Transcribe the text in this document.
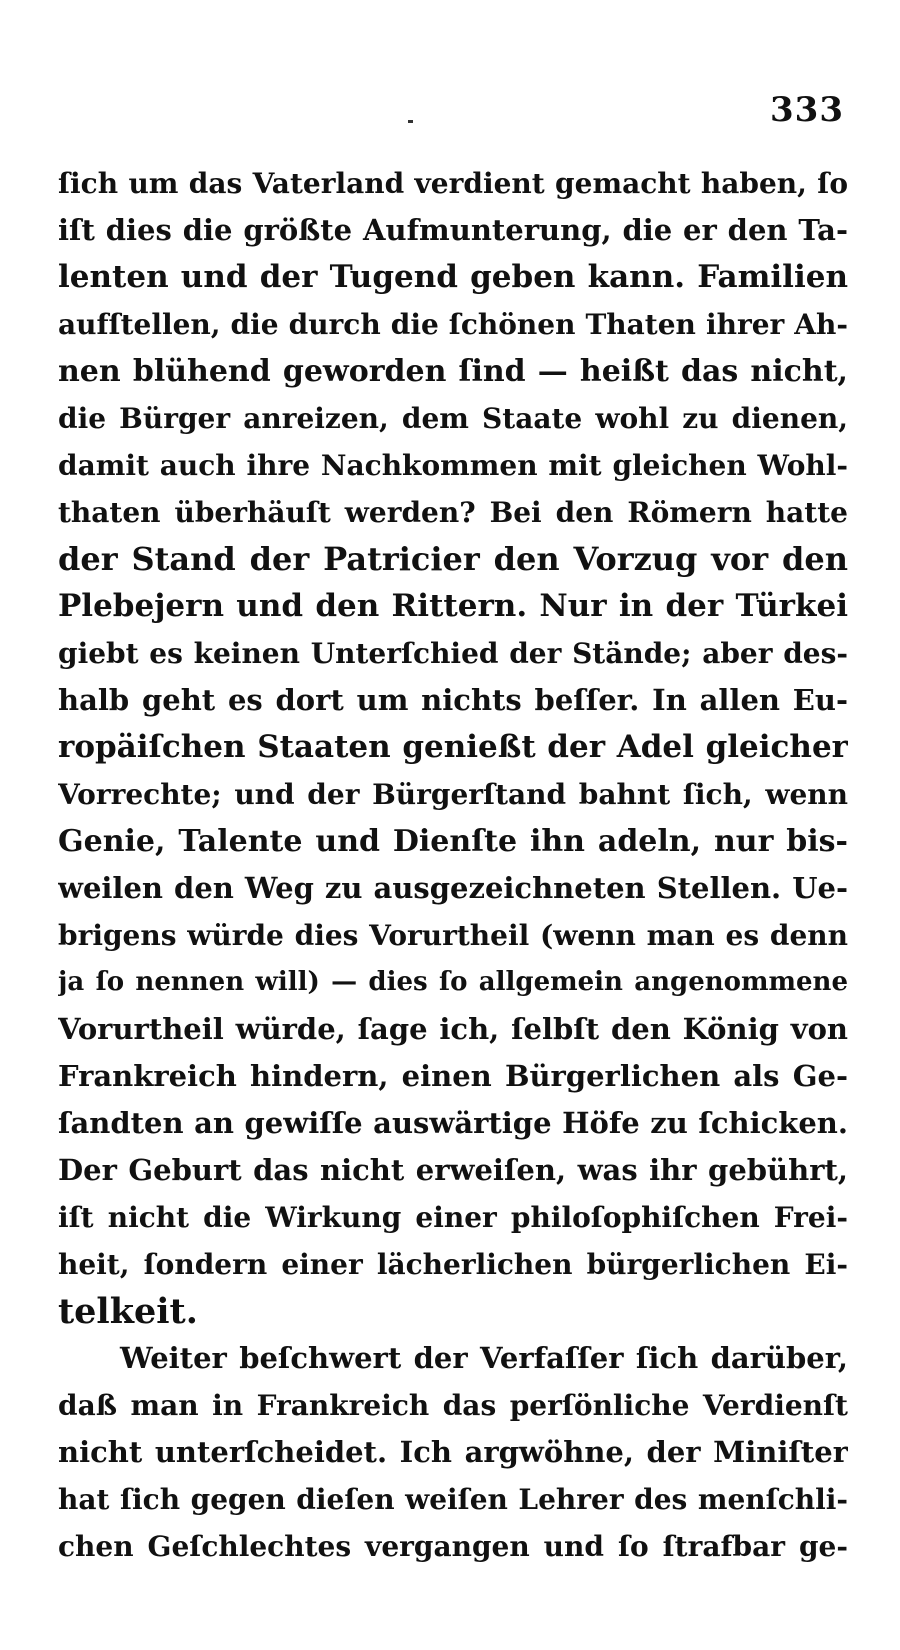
333
ſich um das Vaterland verdient gemacht haben, ſo
iſt dies die größte Aufmunterung, die er den Ta-
lenten und der Tugend geben kann. Familien
aufſtellen, die durch die ſchönen Thaten ihrer Ah-
nen blühend geworden ſind — heißt das nicht,
die Bürger anreizen, dem Staate wohl zu dienen,
damit auch ihre Nachkommen mit gleichen Wohl-
thaten überhäuſt werden? Bei den Römern hatte
der Stand der Patricier den Vorzug vor den
Plebejern und den Rittern. Nur in der Türkei
giebt es keinen Unterſchied der Stände; aber des-
halb geht es dort um nichts beſſer. In allen Eu-
ropäiſchen Staaten genießt der Adel gleicher
Vorrechte; und der Bürgerſtand bahnt ſich, wenn
Genie, Talente und Dienſte ihn adeln, nur bis-
weilen den Weg zu ausgezeichneten Stellen. Ue-
brigens würde dies Vorurtheil (wenn man es denn
ja ſo nennen will) — dies ſo allgemein angenommene
Vorurtheil würde, ſage ich, ſelbſt den König von
Frankreich hindern, einen Bürgerlichen als Ge-
ſandten an gewiſſe auswärtige Höfe zu ſchicken.
Der Geburt das nicht erweiſen, was ihr gebührt,
iſt nicht die Wirkung einer philoſophiſchen Frei-
heit, ſondern einer lächerlichen bürgerlichen Ei-
telkeit.
Weiter beſchwert der Verfaſſer ſich darüber,
daß man in Frankreich das perſönliche Verdienſt
nicht unterſcheidet. Ich argwöhne, der Miniſter
hat ſich gegen dieſen weiſen Lehrer des menſchli-
chen Geſchlechtes vergangen und ſo ſtrafbar ge-
